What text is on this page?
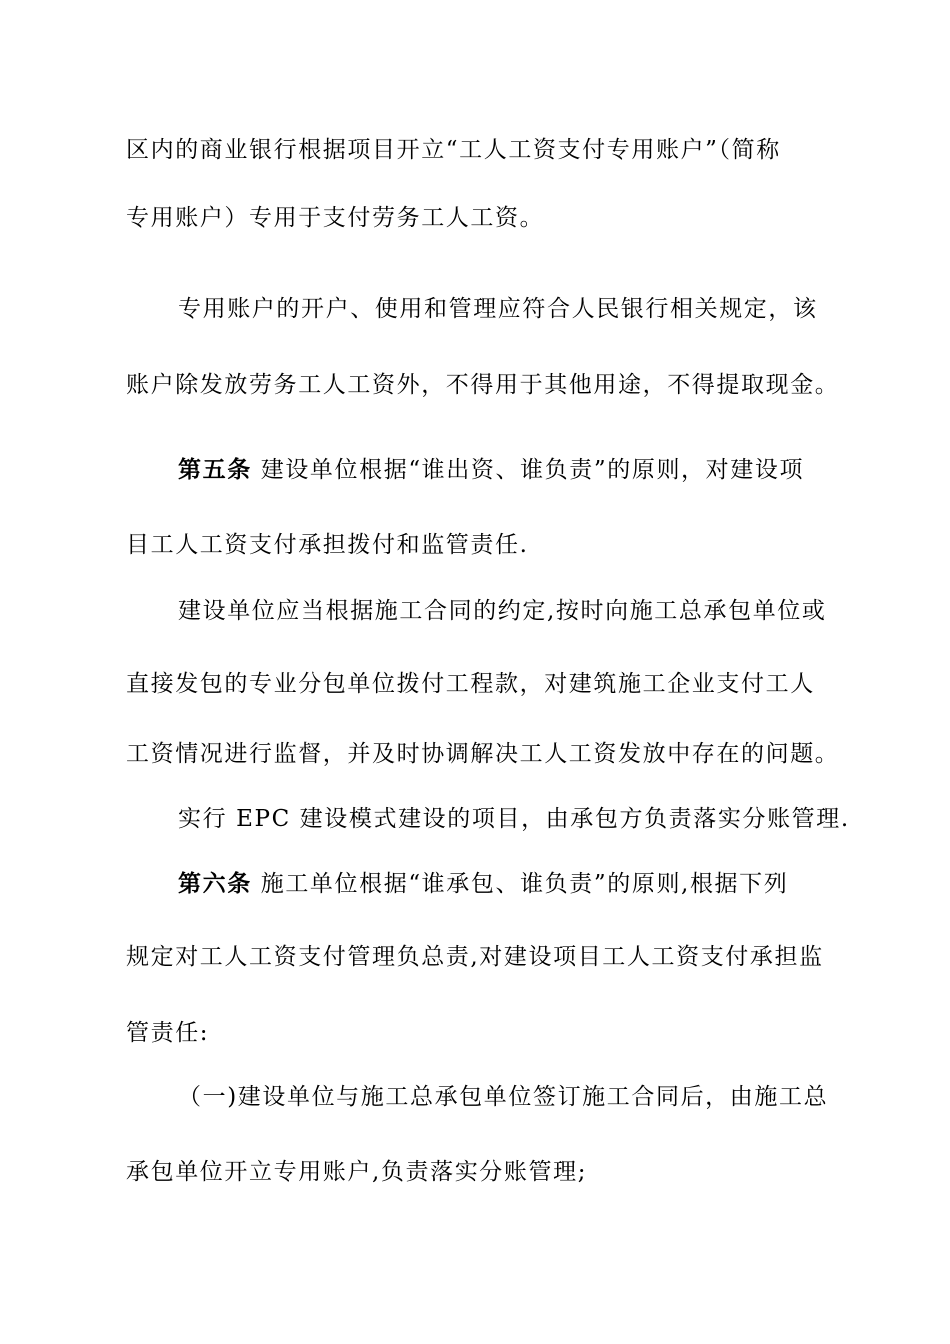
区内的商业银行根据项目开立“工人工资支付专用账户”（简称
专用账户）专用于支付劳务工人工资。
专用账户的开户、使用和管理应符合人民银行相关规定，该
账户除发放劳务工人工资外，不得用于其他用途，不得提取现金。
第五条 建设单位根据“谁出资、谁负责”的原则，对建设项
目工人工资支付承担拨付和监管责任.
建设单位应当根据施工合同的约定,按时向施工总承包单位或
直接发包的专业分包单位拨付工程款，对建筑施工企业支付工人
工资情况进行监督，并及时协调解决工人工资发放中存在的问题。
实行 EPC 建设模式建设的项目，由承包方负责落实分账管理.
第六条 施工单位根据“谁承包、谁负责”的原则,根据下列
规定对工人工资支付管理负总责,对建设项目工人工资支付承担监
管责任:
（一)建设单位与施工总承包单位签订施工合同后，由施工总
承包单位开立专用账户,负责落实分账管理;
